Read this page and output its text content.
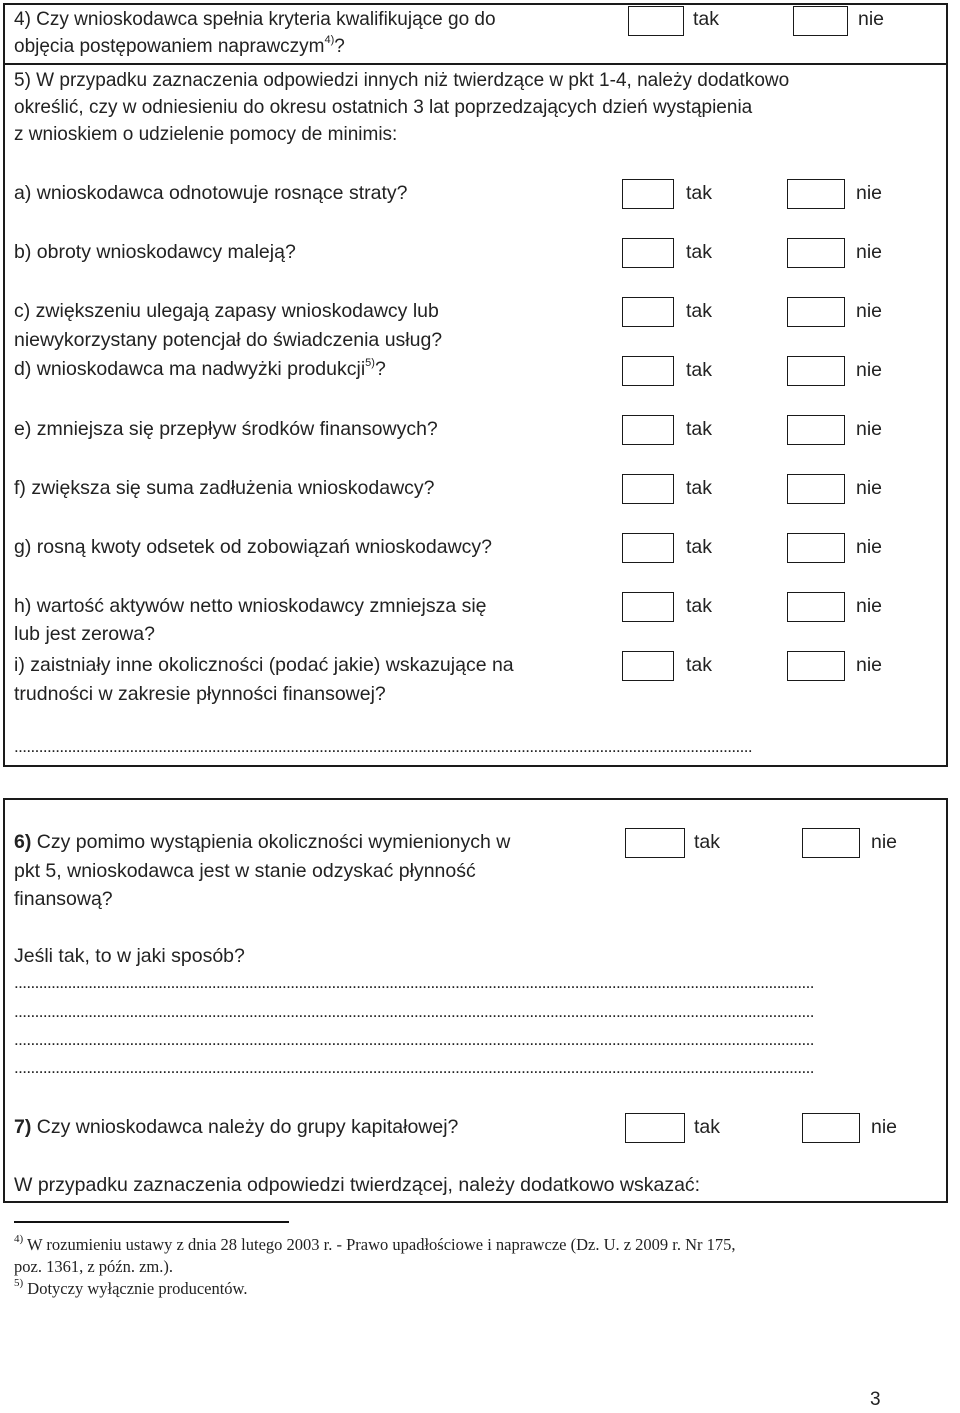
4) Czy wnioskodawca spełnia kryteria kwalifikujące go do
objęcia postępowaniem naprawczym$^{4)}$?
tak	nie
5) W przypadku zaznaczenia odpowiedzi innych niż twierdzące w pkt 1-4, należy dodatkowo
określić, czy w odniesieniu do okresu ostatnich 3 lat poprzedzających dzień wystąpienia
z wnioskiem o udzielenie pomocy de minimis:
a) wnioskodawca odnotowuje rosnące straty?	tak	nie
b) obroty wnioskodawcy maleją?	tak	nie
c) zwiększeniu ulegają zapasy wnioskodawcy lub
niewykorzystany potencjał do świadczenia usług?
tak	nie
d) wnioskodawca ma nadwyżki produkcji$^{5)}$?	tak	nie
e) zmniejsza się przepływ środków finansowych?	tak	nie
f) zwiększa się suma zadłużenia wnioskodawcy?	tak	nie
g) rosną kwoty odsetek od zobowiązań wnioskodawcy?	tak	nie
h) wartość aktywów netto wnioskodawcy zmniejsza się
lub jest zerowa?
tak	nie
i) zaistniały inne okoliczności (podać jakie) wskazujące na
trudności w zakresie płynności finansowej?
tak	nie
...................................................................................................................................................................................
6) Czy pomimo wystąpienia okoliczności wymienionych w
pkt 5, wnioskodawca jest w stanie odzyskać płynność
finansową?
tak	nie
Jeśli tak, to w jaki sposób?
..................................................................................................................................................................................................
..................................................................................................................................................................................................
..................................................................................................................................................................................................
..................................................................................................................................................................................................
7) Czy wnioskodawca należy do grupy kapitałowej?	tak	nie
W przypadku zaznaczenia odpowiedzi twierdzącej, należy dodatkowo wskazać:
$^{4)}$ W rozumieniu ustawy z dnia 28 lutego 2003 r. - Prawo upadłościowe i naprawcze (Dz. U. z 2009 r. Nr 175,
poz. 1361, z późn. zm.).
$^{5)}$ Dotyczy wyłącznie producentów.
3
